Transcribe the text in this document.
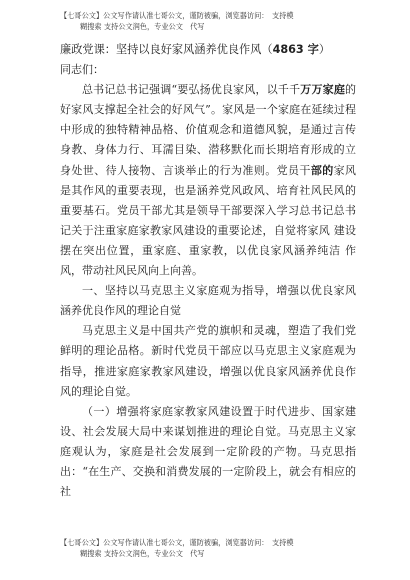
【七哥公文】公文写作请认准七哥公文，谨防被骗，浏览器访问：　支持模
糊搜索 支持公文润色，专业公文　代写
廉政党课：坚持以良好家风涵养优良作风（4863 字）
同志们：

总书记总书记强调“要弘扬优良家风，以千千万万家庭的好家风支撑起全社会的好风气”。家风是一个家庭在延续过程中形成的独特精神品格、价值观念和道德风貌，是通过言传身教、身体力行、耳濡目染、潜移默化而长期培育形成的立身处世、待人接物、言谈举止的行为准则。党员干部的家风是其作风的重要表现，也是涵养党风政风、培育社风民风的重要基石。党员干部尤其是领导干部要深入学习总书记总书记关于注重家庭家教家风建设的重要论述，自觉将家风 建设摆在突出位置，重家庭、重家教，以优良家风涵养纯洁 作风，带动社风民风向上向善。

一、坚持以马克思主义家庭观为指导，增强以优良家风涵养优良作风的理论自觉

马克思主义是中国共产党的旗帜和灵魂，塑造了我们党鲜明的理论品格。新时代党员干部应以马克思主义家庭观为指导，推进家庭家教家风建设，增强以优良家风涵养优良作风的理论自觉。

（一）增强将家庭家教家风建设置于时代进步、国家建设、社会发展大局中来谋划推进的理论自觉。马克思主义家庭观认为，家庭是社会发展到一定阶段的产物。马克思指出：“在生产、交换和消费发展的一定阶段上，就会有相应的社

【七哥公文】公文写作请认准七哥公文，谨防被骗，浏览器访问：　支持模
糊搜索 支持公文润色，专业公文　代写
